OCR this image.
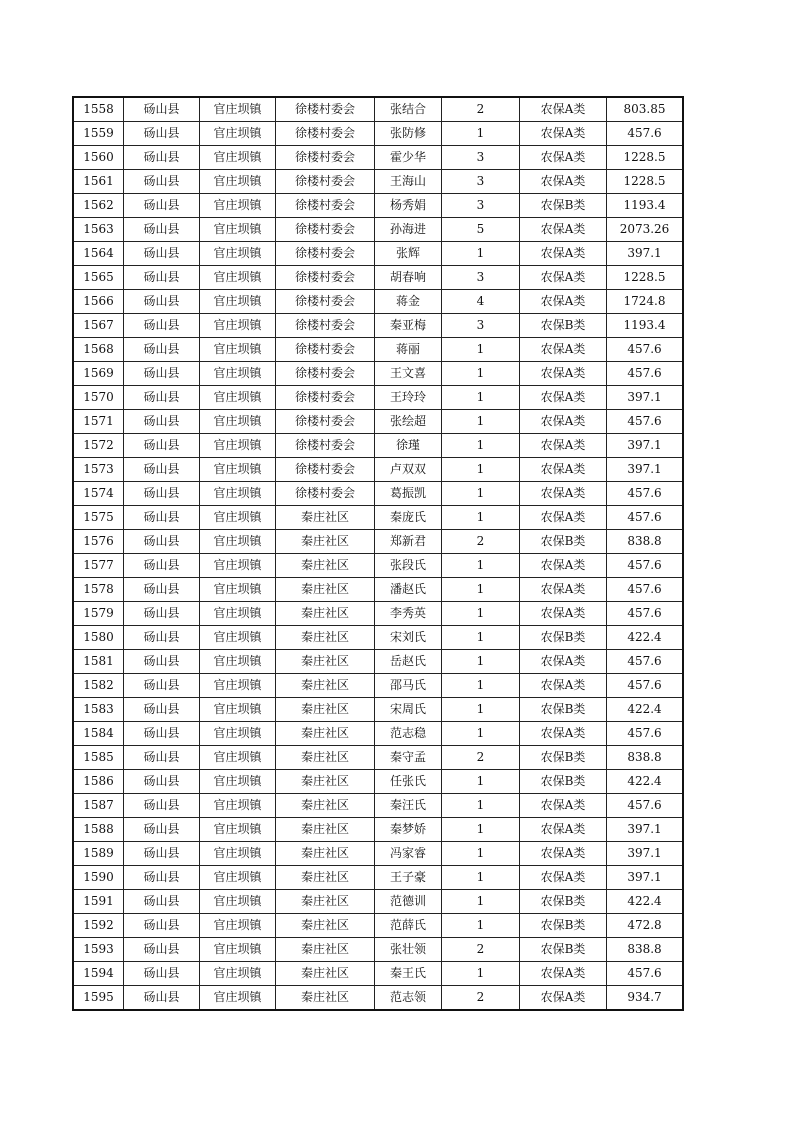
1558	砀山县	官庄坝镇	徐楼村委会	张结合	2	农保A类	803.85
1559	砀山县	官庄坝镇	徐楼村委会	张防修	1	农保A类	457.6
1560	砀山县	官庄坝镇	徐楼村委会	霍少华	3	农保A类	1228.5
1561	砀山县	官庄坝镇	徐楼村委会	王海山	3	农保A类	1228.5
1562	砀山县	官庄坝镇	徐楼村委会	杨秀娟	3	农保B类	1193.4
1563	砀山县	官庄坝镇	徐楼村委会	孙海进	5	农保A类	2073.26
1564	砀山县	官庄坝镇	徐楼村委会	张辉	1	农保A类	397.1
1565	砀山县	官庄坝镇	徐楼村委会	胡春响	3	农保A类	1228.5
1566	砀山县	官庄坝镇	徐楼村委会	蒋金	4	农保A类	1724.8
1567	砀山县	官庄坝镇	徐楼村委会	秦亚梅	3	农保B类	1193.4
1568	砀山县	官庄坝镇	徐楼村委会	蒋丽	1	农保A类	457.6
1569	砀山县	官庄坝镇	徐楼村委会	王文喜	1	农保A类	457.6
1570	砀山县	官庄坝镇	徐楼村委会	王玲玲	1	农保A类	397.1
1571	砀山县	官庄坝镇	徐楼村委会	张绘超	1	农保A类	457.6
1572	砀山县	官庄坝镇	徐楼村委会	徐瑾	1	农保A类	397.1
1573	砀山县	官庄坝镇	徐楼村委会	卢双双	1	农保A类	397.1
1574	砀山县	官庄坝镇	徐楼村委会	葛振凯	1	农保A类	457.6
1575	砀山县	官庄坝镇	秦庄社区	秦庞氏	1	农保A类	457.6
1576	砀山县	官庄坝镇	秦庄社区	郑新君	2	农保B类	838.8
1577	砀山县	官庄坝镇	秦庄社区	张段氏	1	农保A类	457.6
1578	砀山县	官庄坝镇	秦庄社区	潘赵氏	1	农保A类	457.6
1579	砀山县	官庄坝镇	秦庄社区	李秀英	1	农保A类	457.6
1580	砀山县	官庄坝镇	秦庄社区	宋刘氏	1	农保B类	422.4
1581	砀山县	官庄坝镇	秦庄社区	岳赵氏	1	农保A类	457.6
1582	砀山县	官庄坝镇	秦庄社区	邵马氏	1	农保A类	457.6
1583	砀山县	官庄坝镇	秦庄社区	宋周氏	1	农保B类	422.4
1584	砀山县	官庄坝镇	秦庄社区	范志稳	1	农保A类	457.6
1585	砀山县	官庄坝镇	秦庄社区	秦守孟	2	农保B类	838.8
1586	砀山县	官庄坝镇	秦庄社区	任张氏	1	农保B类	422.4
1587	砀山县	官庄坝镇	秦庄社区	秦汪氏	1	农保A类	457.6
1588	砀山县	官庄坝镇	秦庄社区	秦梦娇	1	农保A类	397.1
1589	砀山县	官庄坝镇	秦庄社区	冯家睿	1	农保A类	397.1
1590	砀山县	官庄坝镇	秦庄社区	王子豪	1	农保A类	397.1
1591	砀山县	官庄坝镇	秦庄社区	范德训	1	农保B类	422.4
1592	砀山县	官庄坝镇	秦庄社区	范薛氏	1	农保B类	472.8
1593	砀山县	官庄坝镇	秦庄社区	张壮领	2	农保B类	838.8
1594	砀山县	官庄坝镇	秦庄社区	秦王氏	1	农保A类	457.6
1595	砀山县	官庄坝镇	秦庄社区	范志领	2	农保A类	934.7
